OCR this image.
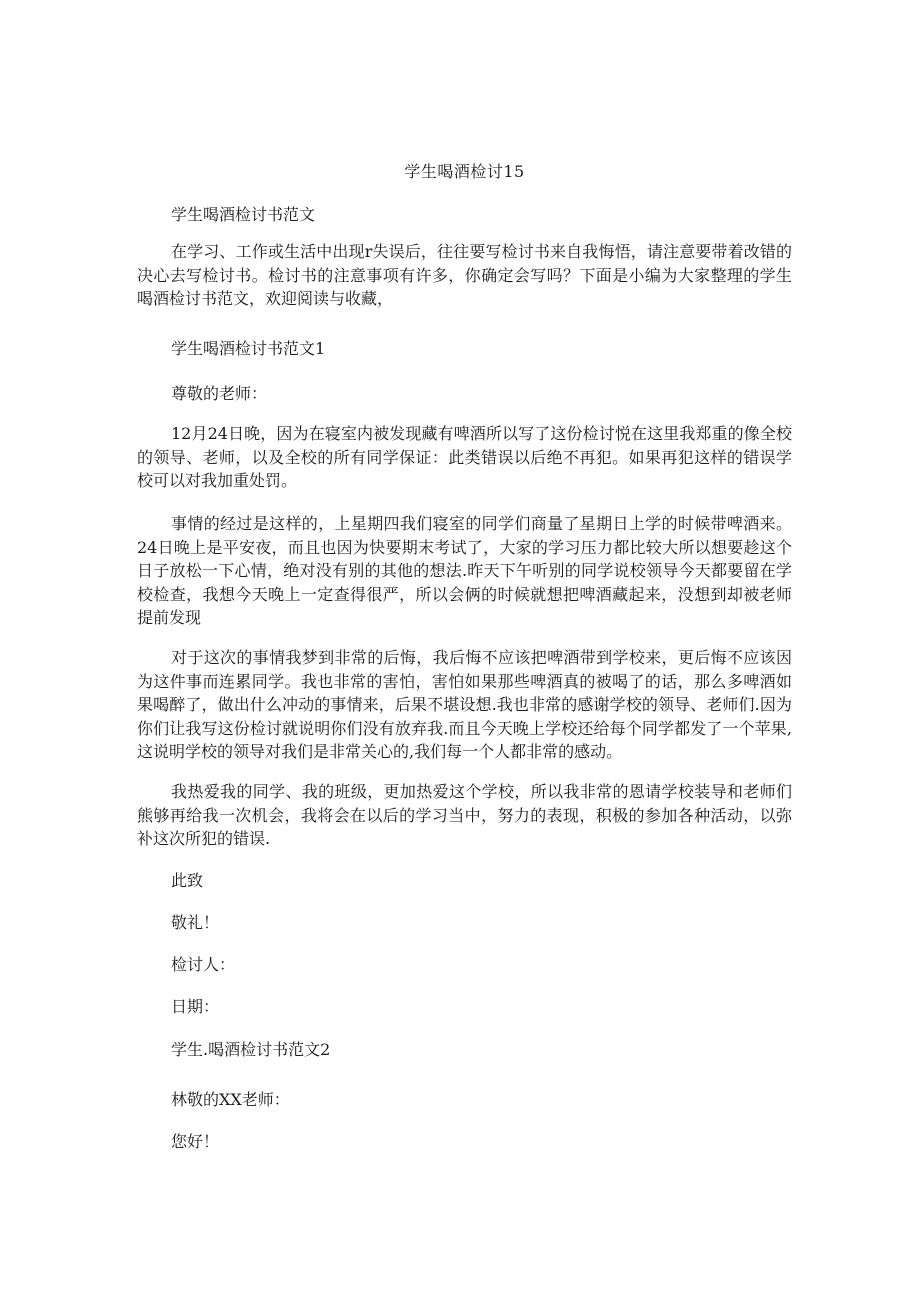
学生喝酒检讨15
学生喝酒检讨书范文

在学习、工作或生活中出现r失误后，往往要写检讨书来自我悔悟，请注意要带着改错的决心去写检讨书。检讨书的注意事项有许多，你确定会写吗？下面是小编为大家整理的学生喝酒检讨书范文，欢迎阅读与收藏，

学生喝酒检讨书范文1
尊敬的老师：

12月24日晚，因为在寝室内被发现藏有啤酒所以写了这份检讨悦在这里我郑重的像全校的领导、老师，以及全校的所有同学保证：此类错误以后绝不再犯。如果再犯这样的错误学校可以对我加重处罚。

事情的经过是这样的，上星期四我们寝室的同学们商量了星期日上学的时候带啤酒来。24日晚上是平安夜，而且也因为快要期末考试了，大家的学习压力都比较大所以想要趁这个日子放松一下心情，绝对没有别的其他的想法.昨天下午听别的同学说校领导今天都要留在学校检查，我想今天晚上一定查得很严，所以会俩的时候就想把啤酒藏起来，没想到却被老师提前发现

对于这次的事情我梦到非常的后悔，我后悔不应该把啤酒带到学校来，更后悔不应该因为这件事而连累同学。我也非常的害怕，害怕如果那些啤酒真的被喝了的话，那么多啤酒如果喝醉了，做出什么冲动的事情来，后果不堪设想.我也非常的感谢学校的领导、老师们.因为你们让我写这份检讨就说明你们没有放弃我.而且今天晚上学校还给每个同学都发了一个苹果,这说明学校的领导对我们是非常关心的,我们每一个人都非常的感动。

我热爱我的同学、我的班级，更加热爱这个学校，所以我非常的恩请学校装导和老师们熊够再给我一次机会，我将会在以后的学习当中，努力的表现，积极的参加各种活动，以弥补这次所犯的错误.

此致
敬礼！
检讨人：
日期：
学生.喝酒检讨书范文2
林敬的XX老师：
您好！
